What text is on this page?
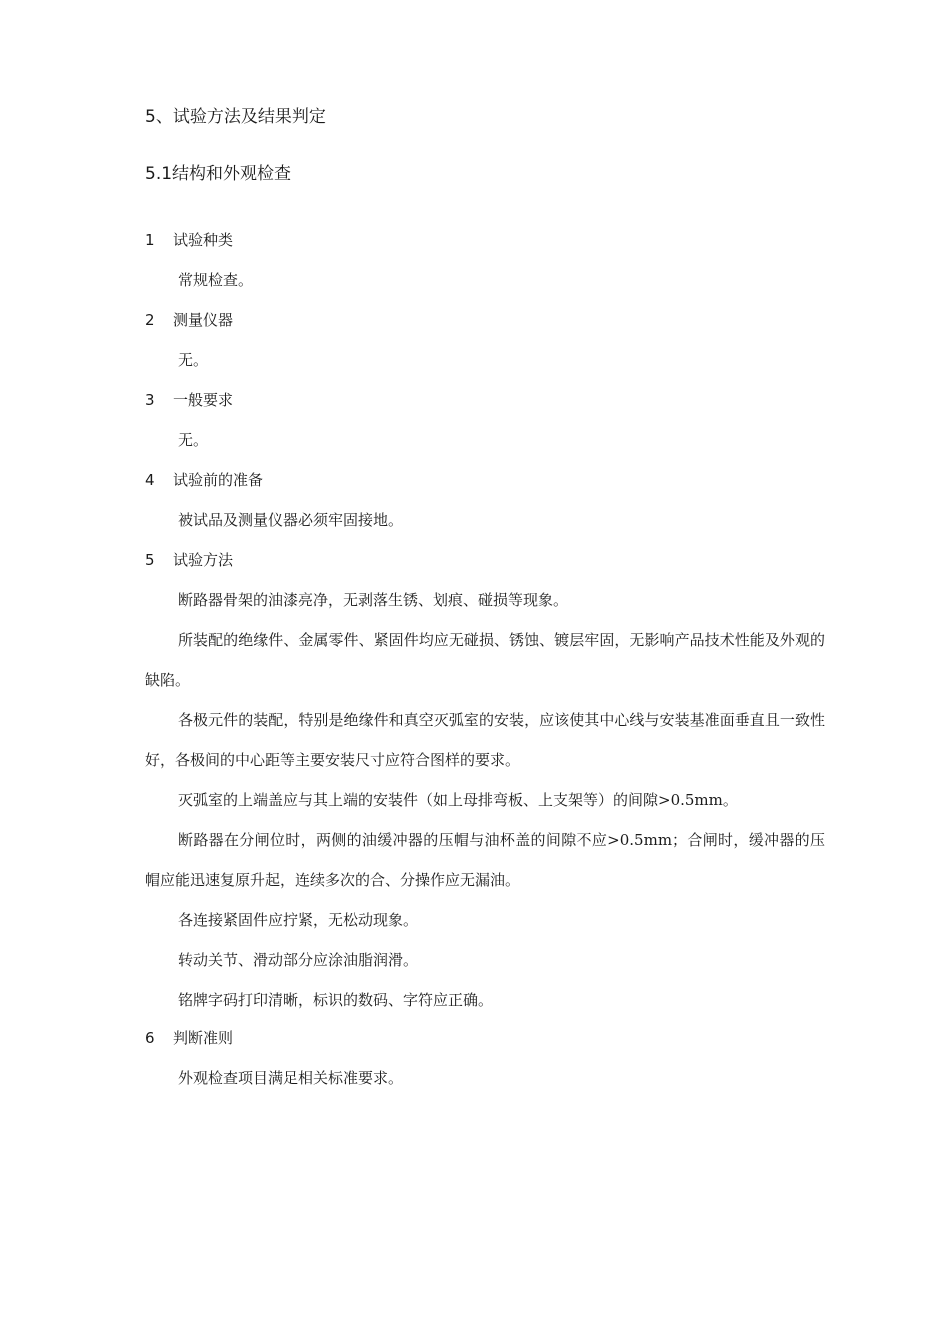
5、试验方法及结果判定
5.1结构和外观检查
1 试验种类

常规检查。

2 测量仪器

无。

3 一般要求

无。

4 试验前的准备

被试品及测量仪器必须牢固接地。

5 试验方法

断路器骨架的油漆亮净，无剥落生锈、划痕、碰损等现象。

所装配的绝缘件、金属零件、紧固件均应无碰损、锈蚀、镀层牢固，无影响产品技术性能及外观的缺陷。

各极元件的装配，特别是绝缘件和真空灭弧室的安装，应该使其中心线与安装基准面垂直且一致性好，各极间的中心距等主要安装尺寸应符合图样的要求。

灭弧室的上端盖应与其上端的安装件（如上母排弯板、上支架等）的间隙>0.5mm。

断路器在分闸位时，两侧的油缓冲器的压帽与油杯盖的间隙不应>0.5mm；合闸时，缓冲器的压帽应能迅速复原升起，连续多次的合、分操作应无漏油。

各连接紧固件应拧紧，无松动现象。

转动关节、滑动部分应涂油脂润滑。

铭牌字码打印清晰，标识的数码、字符应正确。

6 判断准则

外观检查项目满足相关标准要求。
